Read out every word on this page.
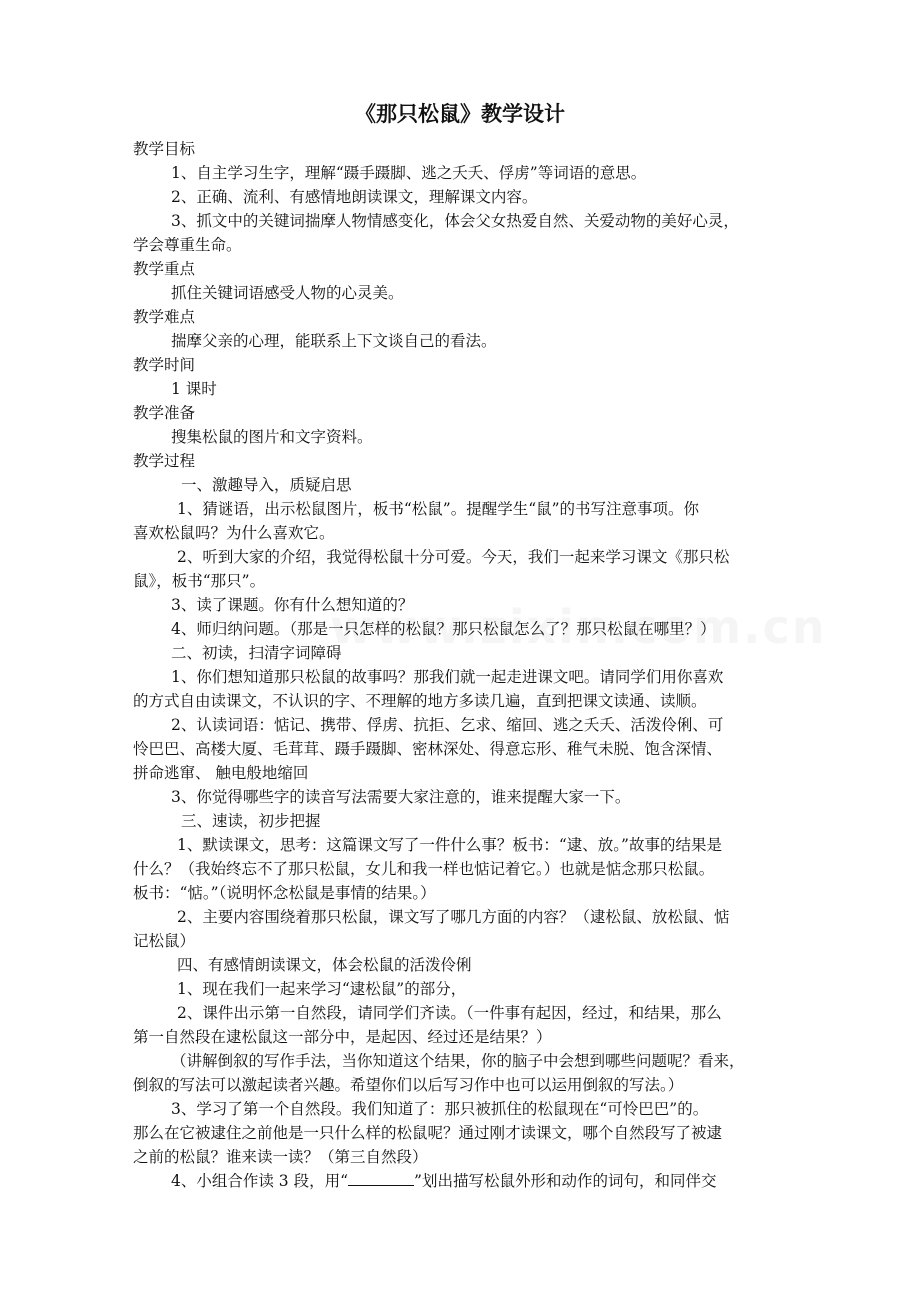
《那只松鼠》教学设计
教学目标
1、自主学习生字，理解“蹑手蹑脚、逃之夭夭、俘虏”等词语的意思。
2、正确、流利、有感情地朗读课文，理解课文内容。
3、抓文中的关键词揣摩人物情感变化，体会父女热爱自然、关爱动物的美好心灵，
学会尊重生命。
教学重点
抓住关键词语感受人物的心灵美。
教学难点
揣摩父亲的心理，能联系上下文谈自己的看法。
教学时间
1 课时
教学准备
搜集松鼠的图片和文字资料。
教学过程
一、激趣导入，质疑启思
1、猜谜语，出示松鼠图片，板书“松鼠”。提醒学生“鼠”的书写注意事项。你
喜欢松鼠吗？为什么喜欢它。
2、听到大家的介绍，我觉得松鼠十分可爱。今天，我们一起来学习课文《那只松
鼠》，板书“那只”。
3、读了课题。你有什么想知道的？
4、师归纳问题。（那是一只怎样的松鼠？那只松鼠怎么了？那只松鼠在哪里？）
二、初读，扫清字词障碍
1、你们想知道那只松鼠的故事吗？那我们就一起走进课文吧。请同学们用你喜欢
的方式自由读课文，不认识的字、不理解的地方多读几遍，直到把课文读通、读顺。
2、认读词语：惦记、携带、俘虏、抗拒、乞求、缩回、逃之夭夭、活泼伶俐、可
怜巴巴、高楼大厦、毛茸茸、蹑手蹑脚、密林深处、得意忘形、稚气未脱、饱含深情、
拼命逃窜、 触电般地缩回
3、你觉得哪些字的读音写法需要大家注意的，谁来提醒大家一下。
三、速读，初步把握
1、默读课文，思考：这篇课文写了一件什么事？板书：“逮、放。”故事的结果是
什么？（我始终忘不了那只松鼠，女儿和我一样也惦记着它。）也就是惦念那只松鼠。
板书：“惦。”（说明怀念松鼠是事情的结果。）
2、主要内容围绕着那只松鼠，课文写了哪几方面的内容？（逮松鼠、放松鼠、惦
记松鼠）
四、有感情朗读课文，体会松鼠的活泼伶俐
1、现在我们一起来学习“逮松鼠”的部分，
2、课件出示第一自然段，请同学们齐读。（一件事有起因，经过，和结果，那么
第一自然段在逮松鼠这一部分中，是起因、经过还是结果？）
（讲解倒叙的写作手法，当你知道这个结果，你的脑子中会想到哪些问题呢？看来，
倒叙的写法可以激起读者兴趣。希望你们以后写习作中也可以运用倒叙的写法。）
3、学习了第一个自然段。我们知道了：那只被抓住的松鼠现在“可怜巴巴”的。
那么在它被逮住之前他是一只什么样的松鼠呢？通过刚才读课文，哪个自然段写了被逮
之前的松鼠？谁来读一读？（第三自然段）
4、小组合作读 3 段，用“	”划出描写松鼠外形和动作的词句，和同伴交
